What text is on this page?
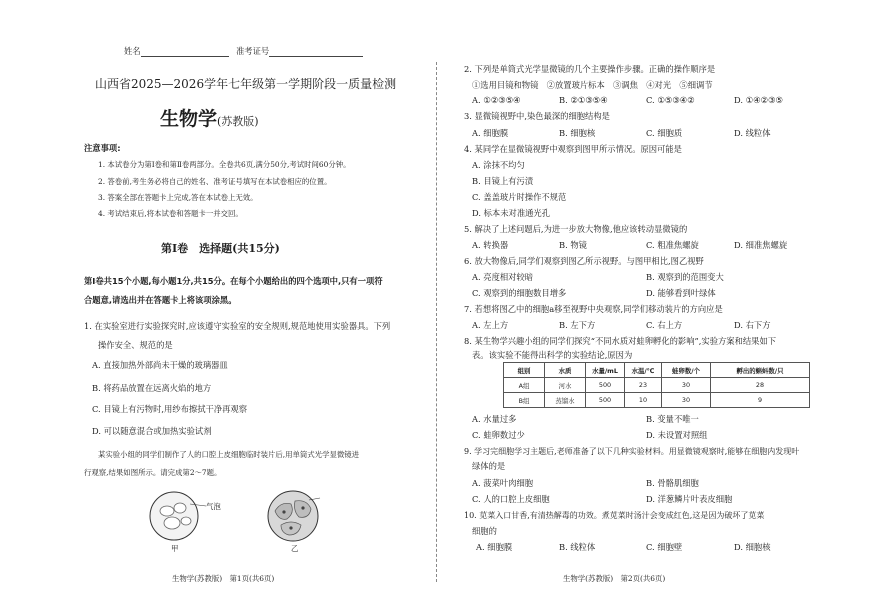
姓名	准考证号
山西省2025—2026学年七年级第一学期阶段一质量检测
生物学(苏教版)
注意事项:
1. 本试卷分为第Ⅰ卷和第Ⅱ卷两部分。全卷共6页,满分50分,考试时间60分钟。
2. 答卷前,考生务必将自己的姓名、准考证号填写在本试卷相应的位置。
3. 答案全部在答题卡上完成,答在本试卷上无效。
4. 考试结束后,将本试卷和答题卡一并交回。
第Ⅰ卷　选择题(共15分)
第Ⅰ卷共15个小题,每小题1分,共15分。在每个小题给出的四个选项中,只有一项符
合题意,请选出并在答题卡上将该项涂黑。
1. 在实验室进行实验探究时,应该遵守实验室的安全规则,规范地使用实验器具。下列
操作安全、规范的是
A. 直接加热外部尚未干燥的玻璃器皿
B. 将药品放置在远离火焰的地方
C. 目镜上有污物时,用纱布擦拭干净再观察
D. 可以随意混合或加热实验试剂
某实验小组的同学们制作了人的口腔上皮细胞临时装片后,用单筒式光学显微镜进
行观察,结果如图所示。请完成第2～7题。
气泡
甲	乙
生物学(苏教版)　第1页(共6页)
2. 下列是单筒式光学显微镜的几个主要操作步骤。正确的操作顺序是
①选用目镜和物镜　②放置玻片标本　③调焦　④对光　⑤细调节
A. ①②③⑤④	B. ②①③⑤④	C. ①⑤③④②	D. ①④②③⑤
3. 显微镜视野中,染色最深的细胞结构是
A. 细胞膜	B. 细胞核	C. 细胞质	D. 线粒体
4. 某同学在显微镜视野中观察到图甲所示情况。原因可能是
A. 涂抹不均匀
B. 目镜上有污渍
C. 盖盖玻片时操作不规范
D. 标本未对准通光孔
5. 解决了上述问题后,为进一步放大物像,他应该转动显微镜的
A. 转换器	B. 物镜	C. 粗准焦螺旋	D. 细准焦螺旋
6. 放大物像后,同学们观察到图乙所示视野。与图甲相比,图乙视野
A. 亮度相对较暗	B. 观察到的范围变大
C. 观察到的细胞数目增多	D. 能够看到叶绿体
7. 若想将图乙中的细胞a移至视野中央观察,同学们移动装片的方向应是
A. 左上方	B. 左下方	C. 右上方	D. 右下方
8. 某生物学兴趣小组的同学们探究“不同水质对蛙卵孵化的影响”,实验方案和结果如下
表。该实验不能得出科学的实验结论,原因为
组别	水质	水量/mL	水温/℃	蛙卵数/个	孵出的蝌蚪数/只
A组	河水	500	23	30	28
B组	蒸馏水	500	10	30	9
A. 水量过多	B. 变量不唯一
C. 蛙卵数过少	D. 未设置对照组
9. 学习完细胞学习主题后,老师准备了以下几种实验材料。用显微镜观察时,能够在细胞内发现叶
绿体的是
A. 菠菜叶肉细胞	B. 骨骼肌细胞
C. 人的口腔上皮细胞	D. 洋葱鳞片叶表皮细胞
10. 苋菜入口甘香,有清热解毒的功效。煮苋菜时汤汁会变成红色,这是因为破坏了苋菜
细胞的
A. 细胞膜	B. 线粒体	C. 细胞壁	D. 细胞核
生物学(苏教版)　第2页(共6页)
